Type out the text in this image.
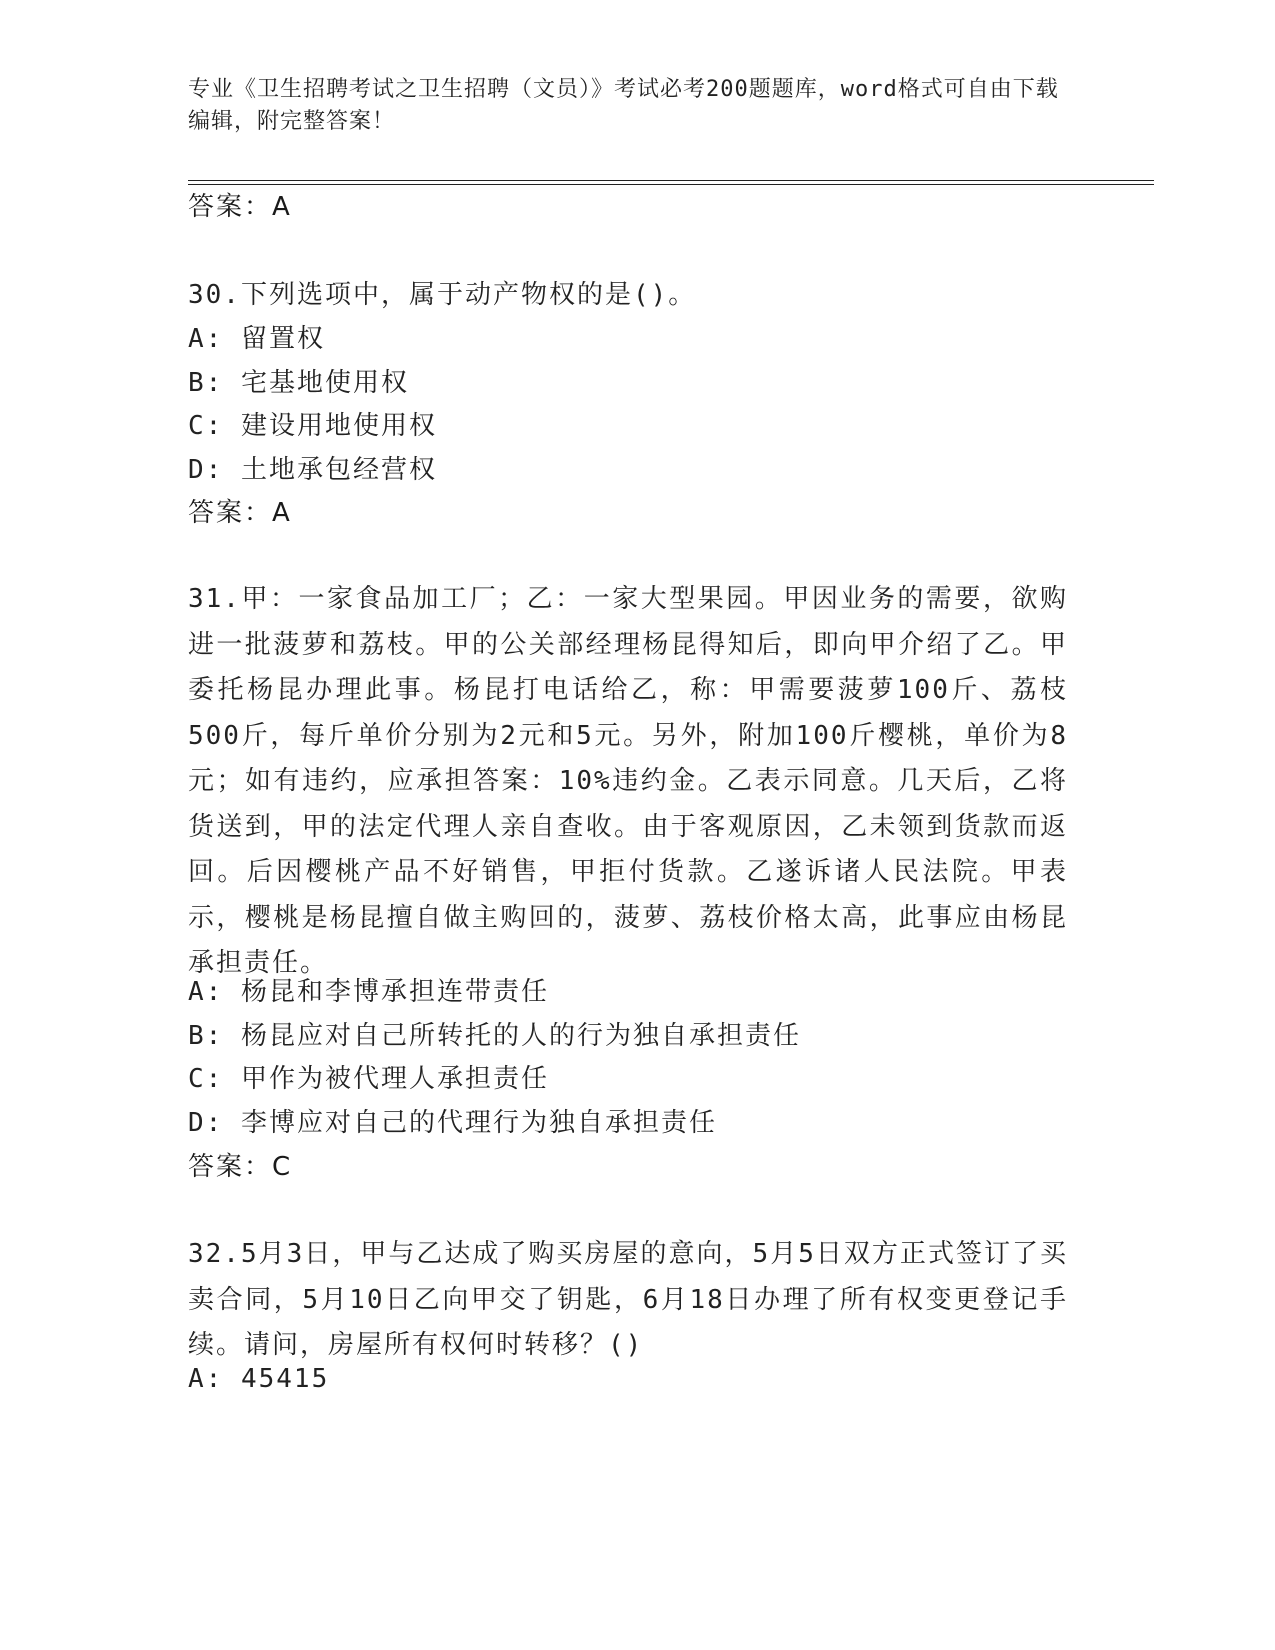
专业《卫生招聘考试之卫生招聘（文员）》考试必考200题题库，word格式可自由下载编辑，附完整答案！
答案：A
30.下列选项中，属于动产物权的是()。
A: 留置权
B: 宅基地使用权
C: 建设用地使用权
D: 土地承包经营权
答案：A
31.甲：一家食品加工厂；乙：一家大型果园。甲因业务的需要，欲购进一批菠萝和荔枝。甲的公关部经理杨昆得知后，即向甲介绍了乙。甲委托杨昆办理此事。杨昆打电话给乙，称：甲需要菠萝100斤、荔枝500斤，每斤单价分别为2元和5元。另外，附加100斤樱桃，单价为8元；如有违约，应承担答案：10%违约金。乙表示同意。几天后，乙将货送到，甲的法定代理人亲自查收。由于客观原因，乙未领到货款而返回。后因樱桃产品不好销售，甲拒付货款。乙遂诉诸人民法院。甲表示，樱桃是杨昆擅自做主购回的，菠萝、荔枝价格太高，此事应由杨昆承担责任。
A: 杨昆和李博承担连带责任
B: 杨昆应对自己所转托的人的行为独自承担责任
C: 甲作为被代理人承担责任
D: 李博应对自己的代理行为独自承担责任
答案：C
32.5月3日，甲与乙达成了购买房屋的意向，5月5日双方正式签订了买卖合同，5月10日乙向甲交了钥匙，6月18日办理了所有权变更登记手续。请问，房屋所有权何时转移？()
A: 45415
